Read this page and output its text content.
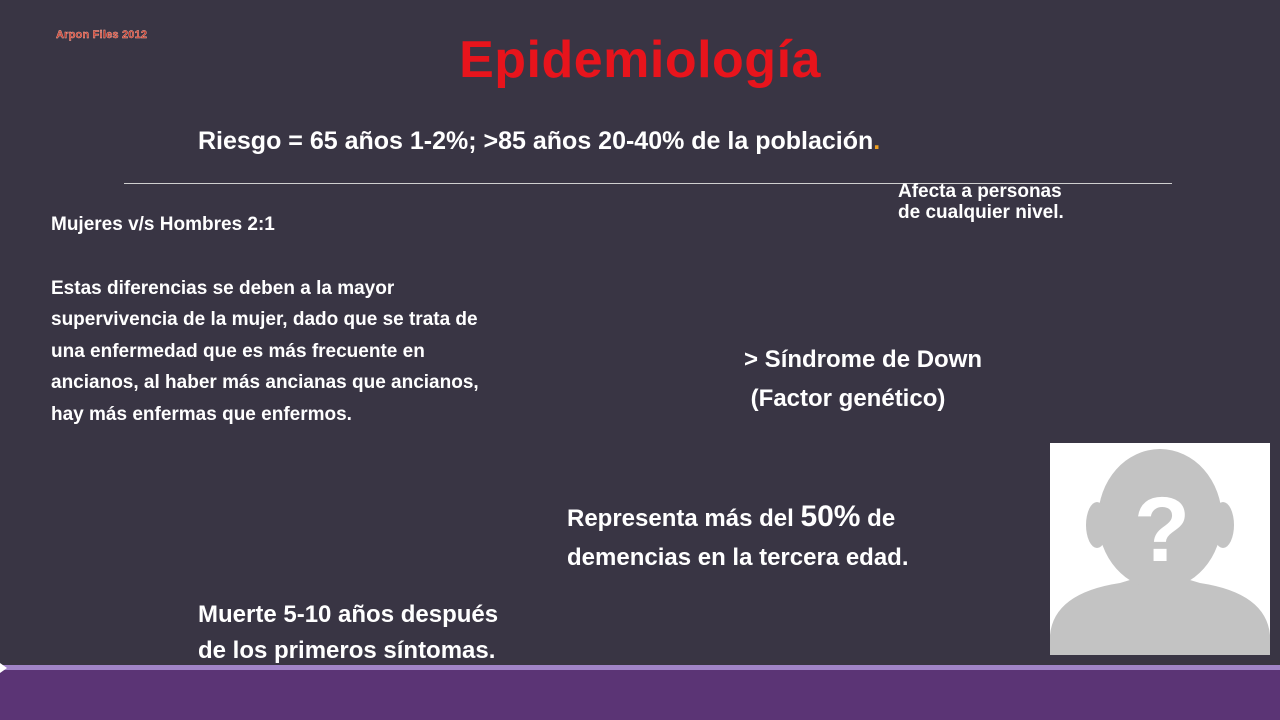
Arpon Files 2012	Epidemiología
Riesgo = 65 años 1-2%; >85 años 20-40% de la población.

Mujeres v/s Hombres 2:1

Estas diferencias se deben a la mayor supervivencia de la mujer, dado que se trata de una enfermedad que es más frecuente en ancianos, al haber más ancianas que ancianos, hay más enfermas que enfermos.

Afecta a personas de cualquier nivel.
> Síndrome de Down
(Factor genético)
Representa más del 50% de
demencias en la tercera edad.
Muerte 5-10 años después
de los primeros síntomas.
?
